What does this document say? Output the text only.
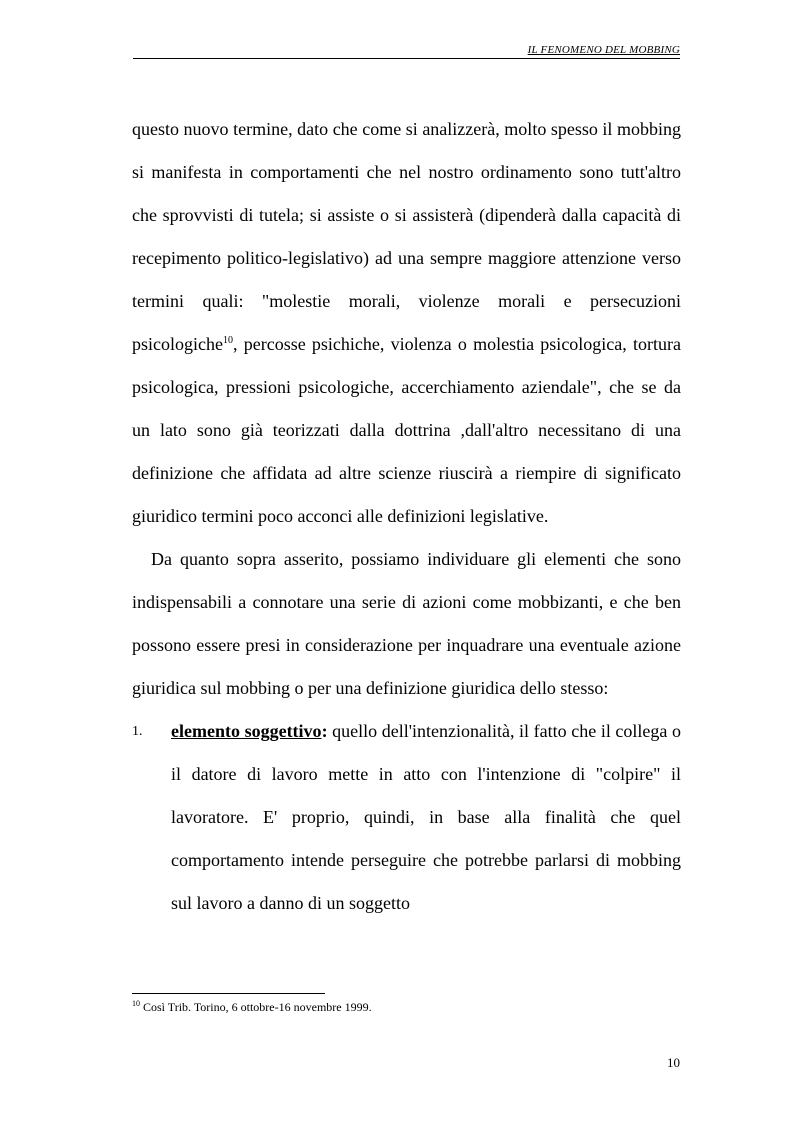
IL FENOMENO DEL MOBBING

questo nuovo termine, dato che come si analizzerà, molto spesso il mobbing si manifesta in comportamenti che nel nostro ordinamento sono tutt'altro che sprovvisti di tutela; si assiste o si assisterà (dipenderà dalla capacità di recepimento politico-legislativo) ad una sempre maggiore attenzione verso termini quali: "molestie morali, violenze morali e persecuzioni psicologiche$^{10}$, percosse psichiche, violenza o molestia psicologica, tortura psicologica, pressioni psicologiche, accerchiamento aziendale", che se da un lato sono già teorizzati dalla dottrina ,dall'altro necessitano di una definizione che affidata ad altre scienze riuscirà a riempire di significato giuridico termini poco acconci alle definizioni legislative.

Da quanto sopra asserito, possiamo individuare gli elementi che sono indispensabili a connotare una serie di azioni come mobbizanti, e che ben possono essere presi in considerazione per inquadrare una eventuale azione giuridica sul mobbing o per una definizione giuridica dello stesso:

1. elemento soggettivo: quello dell'intenzionalità, il fatto che il collega o il datore di lavoro mette in atto con l'intenzione di "colpire" il lavoratore. E' proprio, quindi, in base alla finalità che quel comportamento intende perseguire che potrebbe parlarsi di mobbing sul lavoro a danno di un soggetto
$^{10}$ Così Trib. Torino, 6 ottobre-16 novembre 1999.
10
